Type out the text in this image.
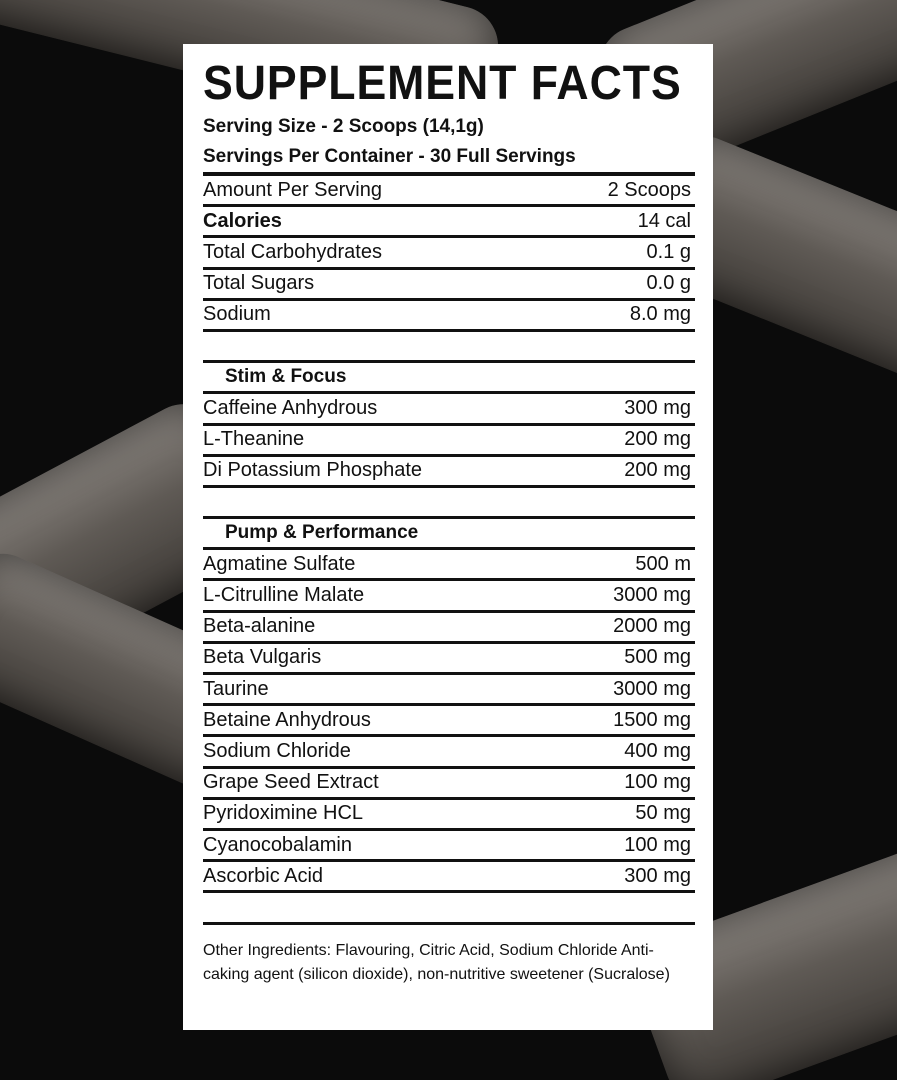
SUPPLEMENT FACTS
Serving Size - 2 Scoops (14,1g)
Servings Per Container - 30 Full Servings
Amount Per Serving	2 Scoops
Calories	14 cal
Total Carbohydrates	0.1 g
Total Sugars	0.0 g
Sodium	8.0 mg
Stim & Focus
Caffeine Anhydrous	300 mg
L-Theanine	200 mg
Di Potassium Phosphate	200 mg
Pump & Performance
Agmatine Sulfate	500 m
L-Citrulline Malate	3000 mg
Beta-alanine	2000 mg
Beta Vulgaris	500 mg
Taurine	3000 mg
Betaine Anhydrous	1500 mg
Sodium Chloride	400 mg
Grape Seed Extract	100 mg
Pyridoximine HCL	50 mg
Cyanocobalamin	100 mg
Ascorbic Acid	300 mg
Other Ingredients: Flavouring, Citric Acid, Sodium Chloride Anti-caking agent (silicon dioxide), non-nutritive sweetener (Sucralose)
